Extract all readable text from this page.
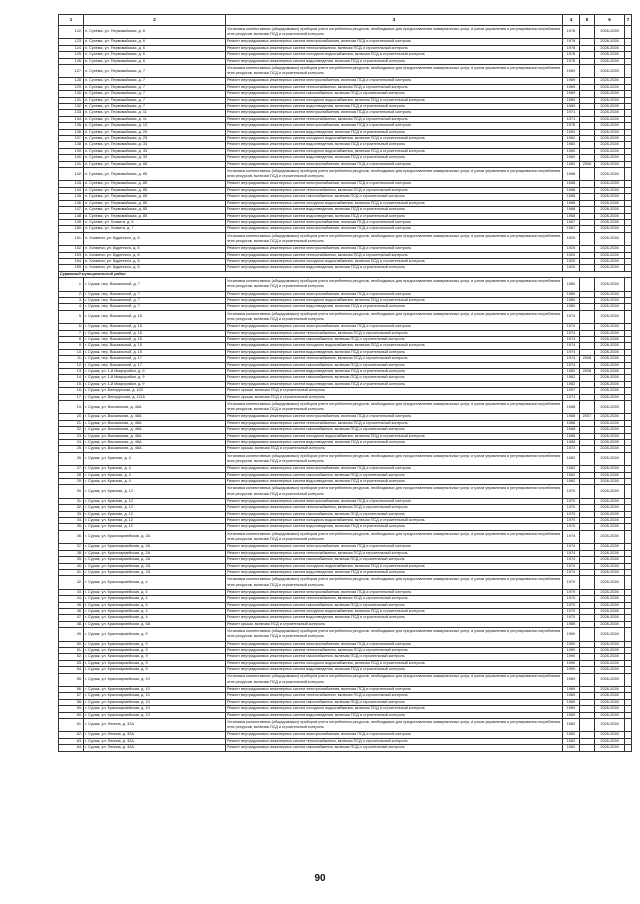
1	2	3	4	5	6	7
122.	п. Сухема, ул. Первомайская, д. 6	Установка коллективных (общедомовых) приборов учета потребления ресурсов, необходимых для предоставления коммунальных услуг, и узлов управления и регулирования потребления этих ресурсов, включая ПСД и строительный контроль	1978		2026-2028	
123.	п. Сухема, ул. Первомайская, д. 6	Ремонт внутридомовых инженерных систем электроснабжения, включая ПСД и строительный контроль	1978		2026-2028	
124.	п. Сухема, ул. Первомайская, д. 6	Ремонт внутридомовых инженерных систем теплоснабжения, включая ПСД и строительный контроль	1978		2026-2028	
125.	п. Сухема, ул. Первомайская, д. 6	Ремонт внутридомовых инженерных систем холодного водоснабжения, включая ПСД и строительный контроль	1978		2026-2028	
126.	п. Сухема, ул. Первомайская, д. 6	Ремонт внутридомовых инженерных систем водоотведения, включая ПСД и строительный контроль	1978		2026-2028	
127.	п. Сухема, ул. Первомайская, д. 7	Установка коллективных (общедомовых) приборов учета потребления ресурсов, необходимых для предоставления коммунальных услуг, и узлов управления и регулирования потребления этих ресурсов, включая ПСД и строительный контроль	1969		2026-2028	
128.	п. Сухема, ул. Первомайская, д. 7	Ремонт внутридомовых инженерных систем электроснабжения, включая ПСД и строительный контроль	1969		2026-2028	
129.	п. Сухема, ул. Первомайская, д. 7	Ремонт внутридомовых инженерных систем теплоснабжения, включая ПСД и строительный контроль	1969		2026-2028	
130.	п. Сухема, ул. Первомайская, д. 7	Ремонт внутридомовых инженерных систем газоснабжения, включая ПСД и строительный контроль	1969		2026-2028	
131.	п. Сухема, ул. Первомайская, д. 7	Ремонт внутридомовых инженерных систем холодного водоснабжения, включая ПСД и строительный контроль	1969		2026-2028	
132.	п. Сухема, ул. Первомайская, д. 7	Ремонт внутридомовых инженерных систем водоотведения, включая ПСД и строительный контроль	1969		2026-2028	
133.	п. Сухема, ул. Первомайская, д. 11	Ремонт внутридомовых инженерных систем электроснабжения, включая ПСД и строительный контроль	1971		2026-2028	
134.	п. Сухема, ул. Первомайская, д. 11	Ремонт внутридомовых инженерных систем теплоснабжения, включая ПСД и строительный контроль	1971		2026-2028	
135.	п. Сухема, ул. Первомайская, д. 13	Ремонт внутридомовых инженерных систем электроснабжения, включая ПСД и строительный контроль	1978		2026-2028	
136.	п. Сухема, ул. Первомайская, д. 29	Ремонт внутридомовых инженерных систем водоотведения, включая ПСД и строительный контроль	1963		2026-2028	
137.	п. Сухема, ул. Первомайская, д. 29	Ремонт внутридомовых инженерных систем холодного водоснабжения, включая ПСД и строительный контроль	1962		2026-2028	
138.	п. Сухема, ул. Первомайская, д. 33	Ремонт внутридомовых инженерных систем водоотведения, включая ПСД и строительный контроль	1960		2026-2028	
139.	п. Сухема, ул. Первомайская, д. 33	Ремонт внутридомовых инженерных систем холодного водоснабжения, включая ПСД и строительный контроль	1960		2026-2028	
140.	п. Сухема, ул. Первомайская, д. 33	Ремонт внутридомовых инженерных систем водоотведения, включая ПСД и строительный контроль	1960		2026-2028	
141.	п. Сухема, ул. Первомайская, д. 68	Ремонт внутридомовых инженерных систем электроснабжения, включая ПСД и строительный контроль	1982	2006	2026-2028	
142.	п. Сухема, ул. Первомайская, д. 85	Установка коллективных (общедомовых) приборов учета потребления ресурсов, необходимых для предоставления коммунальных услуг, и узлов управления и регулирования потребления этих ресурсов, включая ПСД и строительный контроль	1968		2026-2028	
143.	п. Сухема, ул. Первомайская, д. 85	Ремонт внутридомовых инженерных систем электроснабжения, включая ПСД и строительный контроль	1968		2026-2028	
144.	п. Сухема, ул. Первомайская, д. 85	Ремонт внутридомовых инженерных систем теплоснабжения, включая ПСД и строительный контроль	1968		2026-2028	
145.	п. Сухема, ул. Первомайская, д. 85	Ремонт внутридомовых инженерных систем газоснабжения, включая ПСД и строительный контроль	1968		2026-2028	
146.	п. Сухема, ул. Первомайская, д. 85	Ремонт внутридомовых инженерных систем холодного водоснабжения, включая ПСД и строительный контроль	1968		2026-2028	
147.	п. Сухема, ул. Первомайская, д. 85	Ремонт внутридомовых инженерных систем водоотведения, включая ПСД и строительный контроль	1968		2026-2028	
148.	п. Сухема, ул. Первомайская, д. 85	Ремонт внутридомовых инженерных систем водоотведения, включая ПСД и строительный контроль	1968		2026-2028	
149.	п. Сухема, ул. Хозвита, д. 5	Ремонт внутридомовых инженерных систем электроснабжения, включая ПСД и строительный контроль	1967		2026-2028	
150.	п. Сухема, ул. Хозвита, д. 7	Ремонт внутридомовых инженерных систем электроснабжения, включая ПСД и строительный контроль	1967		2026-2028	
151.	п. Холмечи, ул. Буденного, д. 6	Установка коллективных (общедомовых) приборов учета потребления ресурсов, необходимых для предоставления коммунальных услуг, и узлов управления и регулирования потребления этих ресурсов, включая ПСД и строительный контроль	1920		2026-2028	
152.	п. Холмечи, ул. Буденного, д. 6	Ремонт внутридомовых инженерных систем электроснабжения, включая ПСД и строительный контроль	1920		2026-2028	
153.	п. Холмечи, ул. Буденного, д. 6	Ремонт внутридомовых инженерных систем теплоснабжения, включая ПСД и строительный контроль	1920		2026-2028	
154.	п. Холмечи, ул. Буденного, д. 6	Ремонт внутридомовых инженерных систем холодного водоснабжения, включая ПСД и строительный контроль	1920		2026-2028	
155.	п. Холмечи, ул. Буденного, д. 6	Ремонт внутридомовых инженерных систем водоотведения, включая ПСД и строительный контроль	1920		2026-2028	
Суражский муниципальный район						
1.	г. Сураж, пер. Вокзальный, д. 7	Установка коллективных (общедомовых) приборов учета потребления ресурсов, необходимых для предоставления коммунальных услуг, и узлов управления и регулирования потребления этих ресурсов, включая ПСД и строительный контроль	1960		2026-2028	
2.	г. Сураж, пер. Вокзальный, д. 7	Ремонт внутридомовых инженерных систем электроснабжения, включая ПСД и строительный контроль	1960		2026-2028	
3.	г. Сураж, пер. Вокзальный, д. 7	Ремонт внутридомовых инженерных систем холодного водоснабжения, включая ПСД и строительный контроль	1960		2026-2028	
4.	г. Сураж, пер. Вокзальный, д. 7	Ремонт внутридомовых инженерных систем водоотведения, включая ПСД и строительный контроль	1960		2026-2028	
5.	г. Сураж, пер. Вокзальный, д. 15	Установка коллективных (общедомовых) приборов учета потребления ресурсов, необходимых для предоставления коммунальных услуг, и узлов управления и регулирования потребления этих ресурсов, включая ПСД и строительный контроль	1974		2026-2028	
6.	г. Сураж, пер. Вокзальный, д. 15	Ремонт внутридомовых инженерных систем электроснабжения, включая ПСД и строительный контроль	1974		2026-2028	
7.	г. Сураж, пер. Вокзальный, д. 15	Ремонт внутридомовых инженерных систем теплоснабжения, включая ПСД и строительный контроль	1974		2026-2028	
8.	г. Сураж, пер. Вокзальный, д. 15	Ремонт внутридомовых инженерных систем газоснабжения, включая ПСД и строительный контроль	1974		2026-2028	
9.	г. Сураж, пер. Вокзальный, д. 15	Ремонт внутридомовых инженерных систем холодного водоснабжения, включая ПСД и строительный контроль	1974		2026-2028	
10.	г. Сураж, пер. Вокзальный, д. 15	Ремонт внутридомовых инженерных систем водоотведения, включая ПСД и строительный контроль	1974		2026-2028	
11.	г. Сураж, пер. Вокзальный, д. 17	Ремонт внутридомовых инженерных систем теплоснабжения, включая ПСД и строительный контроль	1974	2008	2026-2028	
12.	г. Сураж, пер. Вокзальный, д. 17	Ремонт внутридомовых инженерных систем газоснабжения, включая ПСД и строительный контроль	1974		2026-2028	
13.	г. Сураж, ул. 1-й Микрорайон, д. 9	Ремонт внутридомовых инженерных систем водоотведения, включая ПСД и строительный контроль	1982	2008	2026-2028	
14.	г. Сураж, ул. 1-й Микрорайон, д. 9	Ремонт внутридомовых инженерных систем газоснабжения, включая ПСД и строительный контроль	1982		2026-2028	
15.	г. Сураж, ул. 1-й Микрорайон, д. 9	Ремонт внутридомовых инженерных систем водоотведения, включая ПСД и строительный контроль	1982		2026-2028	
16.	г. Сураж, ул. Белорусская, д. 103	Ремонт крыши, включая ПСД и строительный контроль	1997		2026-2028	
17.	г. Сураж, ул. Белорусская, д. 111А	Ремонт крыши, включая ПСД и строительный контроль	1971		2026-2028	
19.	г. Сураж, ул. Вокзальная, д. 46А	Установка коллективных (общедомовых) приборов учета потребления ресурсов, необходимых для предоставления коммунальных услуг, и узлов управления и регулирования потребления этих ресурсов, включая ПСД и строительный контроль	1968		2026-2028	
20.	г. Сураж, ул. Вокзальная, д. 46А	Ремонт внутридомовых инженерных систем электроснабжения, включая ПСД и строительный контроль	1968	2007	2026-2028	
21.	г. Сураж, ул. Вокзальная, д. 46А	Ремонт внутридомовых инженерных систем теплоснабжения, включая ПСД и строительный контроль	1968		2026-2028	
22.	г. Сураж, ул. Вокзальная, д. 46А	Ремонт внутридомовых инженерных систем газоснабжения, включая ПСД и строительный контроль	1968		2026-2028	
23.	г. Сураж, ул. Вокзальная, д. 46А	Ремонт внутридомовых инженерных систем холодного водоснабжения, включая ПСД и строительный контроль	1968		2026-2028	
24.	г. Сураж, ул. Вокзальная, д. 46А	Ремонт внутридомовых инженерных систем водоотведения, включая ПСД и строительный контроль	1968		2026-2028	
25.	г. Сураж, ул. Вокзальная, д. 46А	Ремонт крыши, включая ПСД и строительный контроль	1972		2026-2028	
26.	г. Сураж, ул. Красная, д. 4	Установка коллективных (общедомовых) приборов учета потребления ресурсов, необходимых для предоставления коммунальных услуг, и узлов управления и регулирования потребления этих ресурсов, включая ПСД и строительный контроль	1962		2026-2028	
27.	г. Сураж, ул. Красная, д. 4	Ремонт внутридомовых инженерных систем электроснабжения, включая ПСД и строительный контроль	1962		2026-2028	
28.	г. Сураж, ул. Красная, д. 4	Ремонт внутридомовых инженерных систем газоснабжения, включая ПСД и строительный контроль	1962		2026-2028	
29.	г. Сураж, ул. Красная, д. 4	Ремонт внутридомовых инженерных систем водоотведения, включая ПСД и строительный контроль	1962		2026-2028	
30.	г. Сураж, ул. Красная, д. 12	Установка коллективных (общедомовых) приборов учета потребления ресурсов, необходимых для предоставления коммунальных услуг, и узлов управления и регулирования потребления этих ресурсов, включая ПСД и строительный контроль	1970		2026-2028	
31.	г. Сураж, ул. Красная, д. 12	Ремонт внутридомовых инженерных систем электроснабжения, включая ПСД и строительный контроль	1970		2026-2028	
32.	г. Сураж, ул. Красная, д. 12	Ремонт внутридомовых инженерных систем теплоснабжения, включая ПСД и строительный контроль	1970		2026-2028	
33.	г. Сураж, ул. Красная, д. 12	Ремонт внутридомовых инженерных систем газоснабжения, включая ПСД и строительный контроль	1970		2026-2028	
34.	г. Сураж, ул. Красная, д. 12	Ремонт внутридомовых инженерных систем холодного водоснабжения, включая ПСД и строительный контроль	1970		2026-2028	
35.	г. Сураж, ул. Красная, д. 12	Ремонт внутридомовых инженерных систем водоотведения, включая ПСД и строительный контроль	1970		2026-2028	
36.	г. Сураж, ул. Красноармейская, д. 2А	Установка коллективных (общедомовых) приборов учета потребления ресурсов, необходимых для предоставления коммунальных услуг, и узлов управления и регулирования потребления этих ресурсов, включая ПСД и строительный контроль	1974		2026-2028	
37.	г. Сураж, ул. Красноармейская, д. 2А	Ремонт внутридомовых инженерных систем электроснабжения, включая ПСД и строительный контроль	1974		2026-2028	
38.	г. Сураж, ул. Красноармейская, д. 2А	Ремонт внутридомовых инженерных систем теплоснабжения, включая ПСД и строительный контроль	1974		2026-2028	
39.	г. Сураж, ул. Красноармейская, д. 2А	Ремонт внутридомовых инженерных систем газоснабжения, включая ПСД и строительный контроль	1974		2026-2028	
40.	г. Сураж, ул. Красноармейская, д. 2А	Ремонт внутридомовых инженерных систем холодного водоснабжения, включая ПСД и строительный контроль	1974		2026-2028	
41.	г. Сураж, ул. Красноармейская, д. 2А	Ремонт внутридомовых инженерных систем водоотведения, включая ПСД и строительный контроль	1974		2026-2028	
42.	г. Сураж, ул. Красноармейская, д. 4	Установка коллективных (общедомовых) приборов учета потребления ресурсов, необходимых для предоставления коммунальных услуг, и узлов управления и регулирования потребления этих ресурсов, включая ПСД и строительный контроль	1970		2026-2028	
43.	г. Сураж, ул. Красноармейская, д. 4	Ремонт внутридомовых инженерных систем электроснабжения, включая ПСД и строительный контроль	1970		2026-2028	
44.	г. Сураж, ул. Красноармейская, д. 4	Ремонт внутридомовых инженерных систем теплоснабжения, включая ПСД и строительный контроль	1970		2026-2028	
45.	г. Сураж, ул. Красноармейская, д. 4	Ремонт внутридомовых инженерных систем газоснабжения, включая ПСД и строительный контроль	1970		2026-2028	
46.	г. Сураж, ул. Красноармейская, д. 4	Ремонт внутридомовых инженерных систем холодного водоснабжения, включая ПСД и строительный контроль	1970		2026-2028	
47.	г. Сураж, ул. Красноармейская, д. 4	Ремонт внутридомовых инженерных систем водоотведения, включая ПСД и строительный контроль	1970		2026-2028	
48.	г. Сураж, ул. Красноармейская, д. 5А	Ремонт крыши, включая ПСД и строительный контроль	1985		2026-2028	
49.	г. Сураж, ул. Красноармейская, д. 9	Установка коллективных (общедомовых) приборов учета потребления ресурсов, необходимых для предоставления коммунальных услуг, и узлов управления и регулирования потребления этих ресурсов, включая ПСД и строительный контроль	1990		2026-2028	
50.	г. Сураж, ул. Красноармейская, д. 9	Ремонт внутридомовых инженерных систем электроснабжения, включая ПСД и строительный контроль	1990		2026-2028	
51.	г. Сураж, ул. Красноармейская, д. 9	Ремонт внутридомовых инженерных систем теплоснабжения, включая ПСД и строительный контроль	1990		2026-2028	
52.	г. Сураж, ул. Красноармейская, д. 9	Ремонт внутридомовых инженерных систем газоснабжения, включая ПСД и строительный контроль	1990		2026-2028	
53.	г. Сураж, ул. Красноармейская, д. 9	Ремонт внутридомовых инженерных систем холодного водоснабжения, включая ПСД и строительный контроль	1990		2026-2028	
54.	г. Сураж, ул. Красноармейская, д. 9	Ремонт внутридомовых инженерных систем водоотведения, включая ПСД и строительный контроль	1990		2026-2028	
55.	г. Сураж, ул. Красноармейская, д. 10	Установка коллективных (общедомовых) приборов учета потребления ресурсов, необходимых для предоставления коммунальных услуг, и узлов управления и регулирования потребления этих ресурсов, включая ПСД и строительный контроль	1969		2026-2028	
56.	г. Сураж, ул. Красноармейская, д. 10	Ремонт внутридомовых инженерных систем электроснабжения, включая ПСД и строительный контроль	1969		2026-2028	
57.	г. Сураж, ул. Красноармейская, д. 10	Ремонт внутридомовых инженерных систем теплоснабжения, включая ПСД и строительный контроль	1969		2026-2028	
58.	г. Сураж, ул. Красноармейская, д. 10	Ремонт внутридомовых инженерных систем газоснабжения, включая ПСД и строительный контроль	1969		2026-2028	
59.	г. Сураж, ул. Красноармейская, д. 10	Ремонт внутридомовых инженерных систем холодного водоснабжения, включая ПСД и строительный контроль	1969		2026-2028	
60.	г. Сураж, ул. Красноармейская, д. 10	Ремонт внутридомовых инженерных систем водоотведения, включая ПСД и строительный контроль	1969		2026-2028	
61.	г. Сураж, ул. Ленина, д. 32А	Установка коллективных (общедомовых) приборов учета потребления ресурсов, необходимых для предоставления коммунальных услуг, и узлов управления и регулирования потребления этих ресурсов, включая ПСД и строительный контроль	1962		2026-2028	
62.	г. Сураж, ул. Ленина, д. 32А	Ремонт внутридомовых инженерных систем электроснабжения, включая ПСД и строительный контроль	1962		2026-2028	
63.	г. Сураж, ул. Ленина, д. 32А	Ремонт внутридомовых инженерных систем теплоснабжения, включая ПСД и строительный контроль	1962		2026-2028	
64.	г. Сураж, ул. Ленина, д. 32А	Ремонт внутридомовых инженерных систем газоснабжения, включая ПСД и строительный контроль	1962		2026-2028	
90
